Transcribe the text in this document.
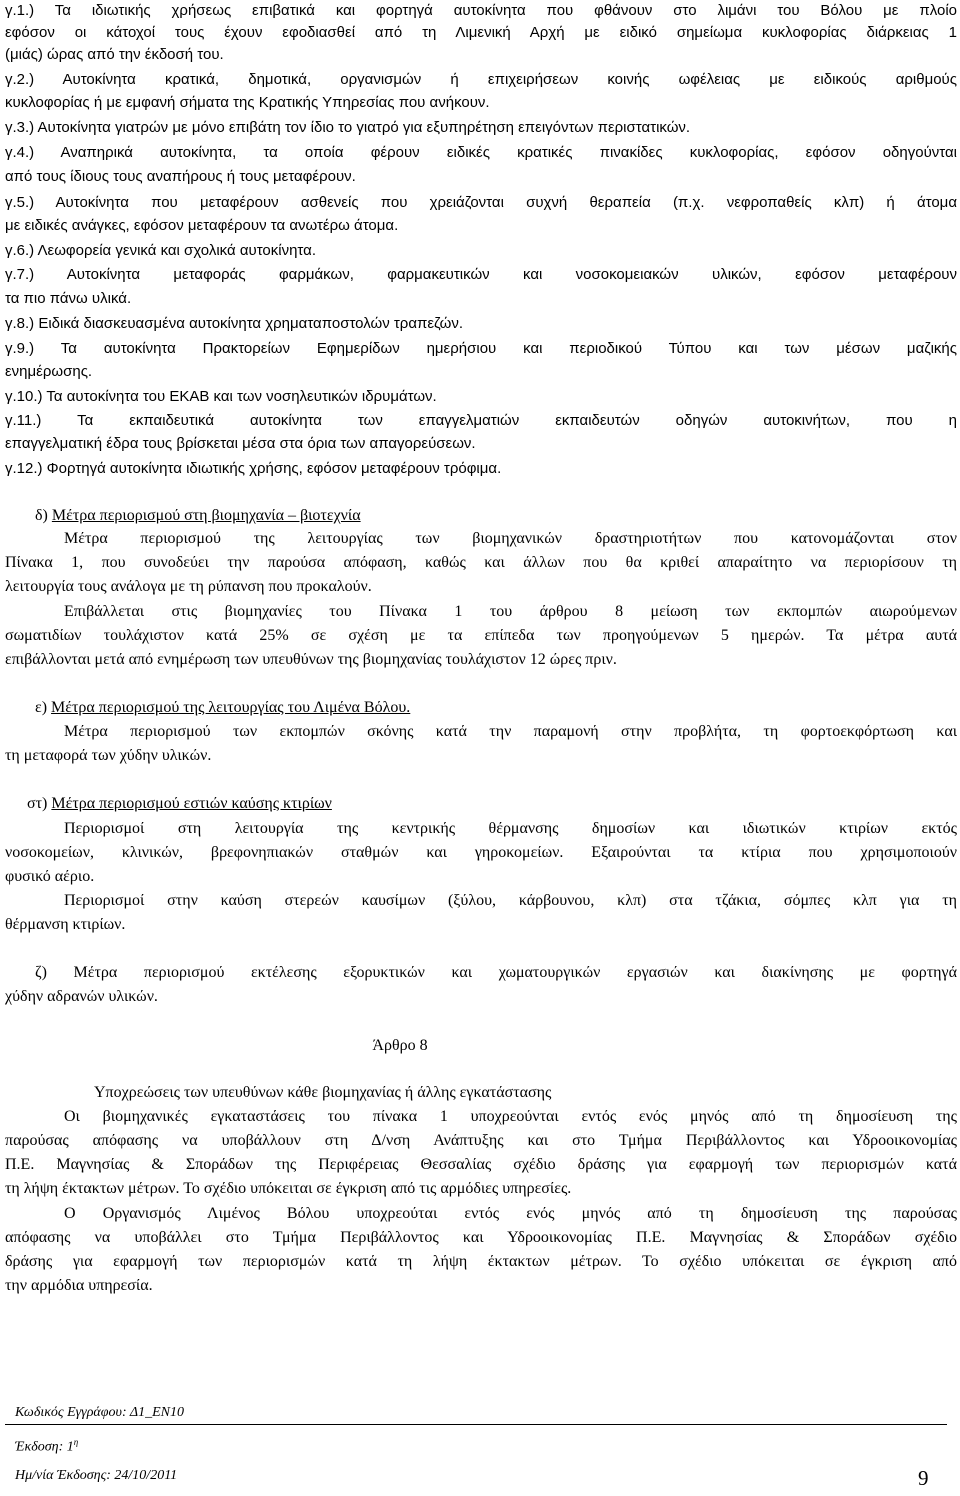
γ.1.) Τα ιδιωτικής χρήσεως επιβατικά και φορτηγά αυτοκίνητα που φθάνουν στο λιμάνι του Βόλου με πλοίο
εφόσον οι κάτοχοί τους έχουν εφοδιασθεί από τη Λιμενική Αρχή με ειδικό σημείωμα κυκλοφορίας διάρκειας 1
(μιάς) ώρας από την έκδοσή του.
γ.2.) Αυτοκίνητα κρατικά, δημοτικά, οργανισμών ή επιχειρήσεων κοινής ωφέλειας με ειδικούς αριθμούς
κυκλοφορίας ή με εμφανή σήματα της Κρατικής Υπηρεσίας που ανήκουν.
γ.3.) Αυτοκίνητα γιατρών με μόνο επιβάτη τον ίδιο το γιατρό για εξυπηρέτηση επειγόντων περιστατικών.
γ.4.) Αναπηρικά αυτοκίνητα, τα οποία φέρουν ειδικές κρατικές πινακίδες κυκλοφορίας, εφόσον οδηγούνται
από τους ίδιους τους αναπήρους ή τους μεταφέρουν.
γ.5.) Αυτοκίνητα που μεταφέρουν ασθενείς που χρειάζονται συχνή θεραπεία (π.χ. νεφροπαθείς κλπ) ή άτομα
με ειδικές ανάγκες, εφόσον μεταφέρουν τα ανωτέρω άτομα.
γ.6.) Λεωφορεία γενικά και σχολικά αυτοκίνητα.
γ.7.) Αυτοκίνητα μεταφοράς φαρμάκων, φαρμακευτικών και νοσοκομειακών υλικών, εφόσον μεταφέρουν
τα πιο πάνω υλικά.
γ.8.) Ειδικά διασκευασμένα αυτοκίνητα χρηματαποστολών τραπεζών.
γ.9.) Τα αυτοκίνητα Πρακτορείων Εφημερίδων ημερήσιου και περιοδικού Τύπου και των μέσων μαζικής
ενημέρωσης.
γ.10.) Τα αυτοκίνητα του ΕΚΑΒ και των νοσηλευτικών ιδρυμάτων.
γ.11.) Τα εκπαιδευτικά αυτοκίνητα των επαγγελματιών εκπαιδευτών οδηγών αυτοκινήτων, που η
επαγγελματική έδρα τους βρίσκεται μέσα στα όρια των απαγορεύσεων.
γ.12.) Φορτηγά αυτοκίνητα ιδιωτικής χρήσης, εφόσον μεταφέρουν τρόφιμα.
δ) Μέτρα περιορισμού στη βιομηχανία – βιοτεχνία
Μέτρα περιορισμού της λειτουργίας των βιομηχανικών δραστηριοτήτων που κατονομάζονται στον
Πίνακα 1, που συνοδεύει την παρούσα απόφαση, καθώς και άλλων που θα κριθεί απαραίτητο να περιορίσουν τη
λειτουργία τους ανάλογα με τη ρύπανση που προκαλούν.
Επιβάλλεται στις βιομηχανίες του Πίνακα 1 του άρθρου 8 μείωση των εκπομπών αιωρούμενων
σωματιδίων τουλάχιστον κατά 25% σε σχέση με τα επίπεδα των προηγούμενων 5 ημερών. Τα μέτρα αυτά
επιβάλλονται μετά από ενημέρωση των υπευθύνων της βιομηχανίας τουλάχιστον 12 ώρες πριν.
ε) Μέτρα περιορισμού της λειτουργίας του Λιμένα Βόλου.
Μέτρα περιορισμού των εκπομπών σκόνης κατά την παραμονή στην προβλήτα, τη φορτοεκφόρτωση και
τη μεταφορά των χύδην υλικών.
στ) Μέτρα περιορισμού εστιών καύσης κτιρίων
Περιορισμοί στη λειτουργία της κεντρικής θέρμανσης δημοσίων και ιδιωτικών κτιρίων εκτός
νοσοκομείων, κλινικών, βρεφονηπιακών σταθμών και γηροκομείων. Εξαιρούνται τα κτίρια που χρησιμοποιούν
φυσικό αέριο.
Περιορισμοί στην καύση στερεών καυσίμων (ξύλου, κάρβουνου, κλπ) στα τζάκια, σόμπες κλπ για τη
θέρμανση κτιρίων.
ζ) Μέτρα περιορισμού εκτέλεσης εξορυκτικών και χωματουργικών εργασιών και διακίνησης με φορτηγά
χύδην αδρανών υλικών.
Άρθρο 8
Υποχρεώσεις των υπευθύνων κάθε βιομηχανίας ή άλλης εγκατάστασης
Οι βιομηχανικές εγκαταστάσεις του πίνακα 1 υποχρεούνται εντός ενός μηνός από τη δημοσίευση της
παρούσας απόφασης να υποβάλλουν στη Δ/νση Ανάπτυξης και στο Τμήμα Περιβάλλοντος και Υδροοικονομίας
Π.Ε. Μαγνησίας & Σποράδων της Περιφέρειας Θεσσαλίας σχέδιο δράσης για εφαρμογή των περιορισμών κατά
τη λήψη έκτακτων μέτρων. Το σχέδιο υπόκειται σε έγκριση από τις αρμόδιες υπηρεσίες.
Ο Οργανισμός Λιμένος Βόλου υποχρεούται εντός ενός μηνός από τη δημοσίευση της παρούσας
απόφασης να υποβάλλει στο Τμήμα Περιβάλλοντος και Υδροοικονομίας Π.Ε. Μαγνησίας & Σποράδων σχέδιο
δράσης για εφαρμογή των περιορισμών κατά τη λήψη έκτακτων μέτρων. Το σχέδιο υπόκειται σε έγκριση από
την αρμόδια υπηρεσία.
Κωδικός Εγγράφου: Δ1_ΕΝ10
Έκδοση: $1^\eta$
Ημ/νία Έκδοσης: 24/10/2011	9
